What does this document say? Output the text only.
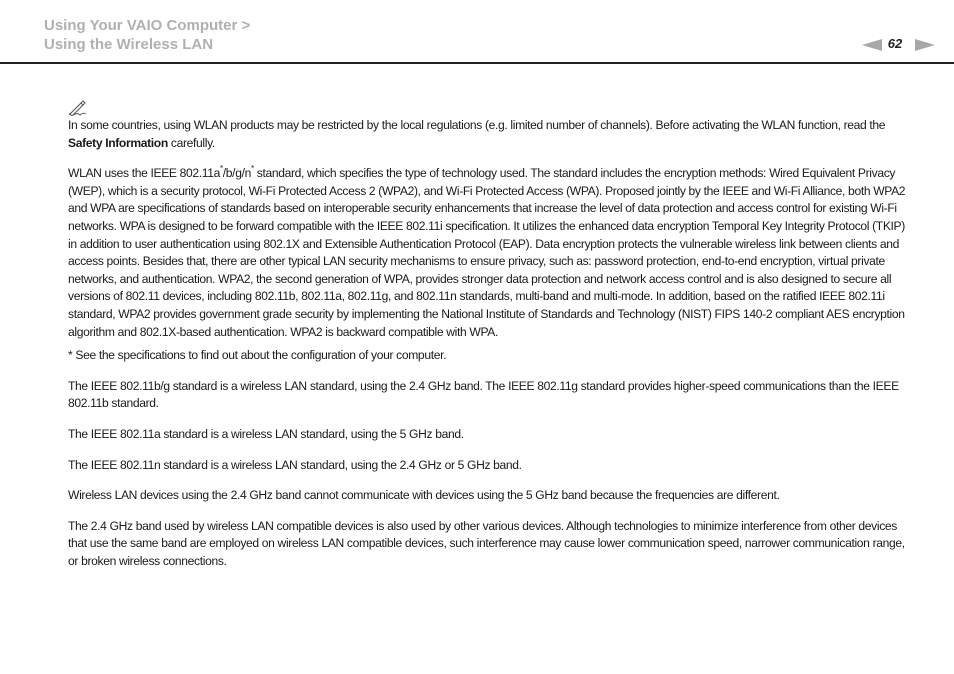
Using Your VAIO Computer >
Using the Wireless LAN	62

In some countries, using WLAN products may be restricted by the local regulations (e.g. limited number of channels). Before activating the WLAN function, read the Safety Information carefully.

WLAN uses the IEEE 802.11a*/b/g/n* standard, which specifies the type of technology used. The standard includes the encryption methods: Wired Equivalent Privacy (WEP), which is a security protocol, Wi-Fi Protected Access 2 (WPA2), and Wi-Fi Protected Access (WPA). Proposed jointly by the IEEE and Wi-Fi Alliance, both WPA2 and WPA are specifications of standards based on interoperable security enhancements that increase the level of data protection and access control for existing Wi-Fi networks. WPA is designed to be forward compatible with the IEEE 802.11i specification. It utilizes the enhanced data encryption Temporal Key Integrity Protocol (TKIP) in addition to user authentication using 802.1X and Extensible Authentication Protocol (EAP). Data encryption protects the vulnerable wireless link between clients and access points. Besides that, there are other typical LAN security mechanisms to ensure privacy, such as: password protection, end-to-end encryption, virtual private networks, and authentication. WPA2, the second generation of WPA, provides stronger data protection and network access control and is also designed to secure all versions of 802.11 devices, including 802.11b, 802.11a, 802.11g, and 802.11n standards, multi-band and multi-mode. In addition, based on the ratified IEEE 802.11i standard, WPA2 provides government grade security by implementing the National Institute of Standards and Technology (NIST) FIPS 140-2 compliant AES encryption algorithm and 802.1X-based authentication. WPA2 is backward compatible with WPA.

* See the specifications to find out about the configuration of your computer.

The IEEE 802.11b/g standard is a wireless LAN standard, using the 2.4 GHz band. The IEEE 802.11g standard provides higher-speed communications than the IEEE 802.11b standard.

The IEEE 802.11a standard is a wireless LAN standard, using the 5 GHz band.

The IEEE 802.11n standard is a wireless LAN standard, using the 2.4 GHz or 5 GHz band.

Wireless LAN devices using the 2.4 GHz band cannot communicate with devices using the 5 GHz band because the frequencies are different.

The 2.4 GHz band used by wireless LAN compatible devices is also used by other various devices. Although technologies to minimize interference from other devices that use the same band are employed on wireless LAN compatible devices, such interference may cause lower communication speed, narrower communication range, or broken wireless connections.
